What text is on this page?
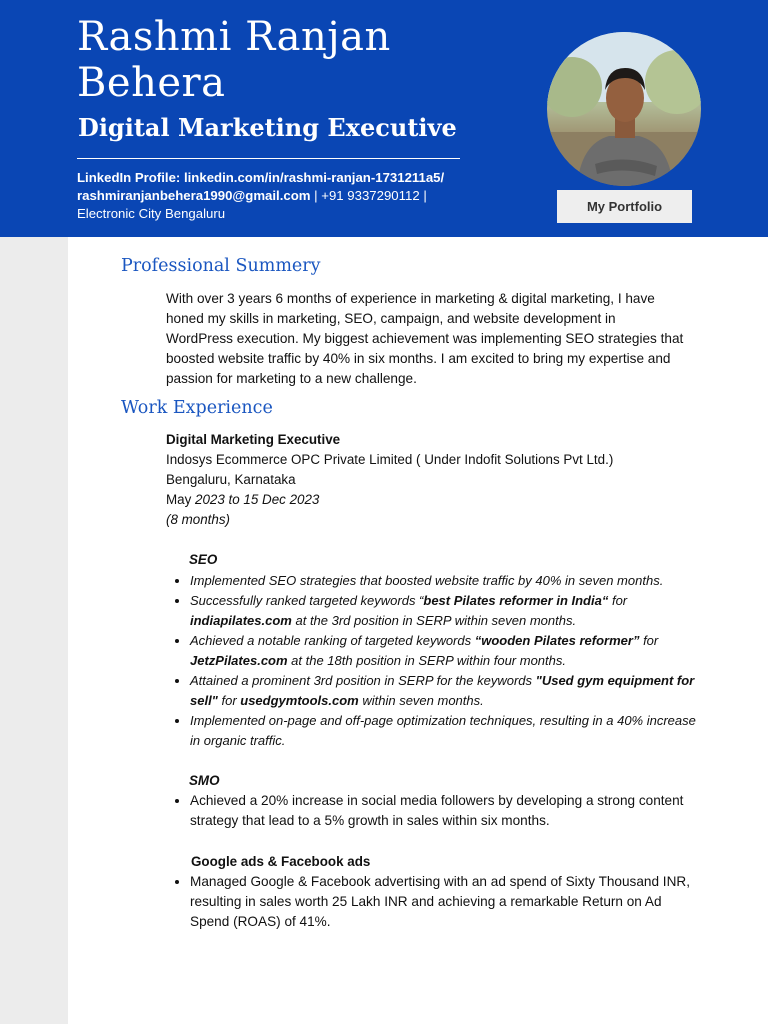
Rashmi Ranjan
Behera
Digital Marketing Executive
LinkedIn Profile: linkedin.com/in/rashmi-ranjan-1731211a5/
rashmiranjanbehera1990@gmail.com | +91 9337290112 |
Electronic City Bengaluru	My Portfolio
Professional Summery

With over 3 years 6 months of experience in marketing & digital marketing, I have honed my skills in marketing, SEO, campaign, and website development in WordPress execution. My biggest achievement was implementing SEO strategies that boosted website traffic by 40% in six months. I am excited to bring my expertise and passion for marketing to a new challenge.

Work Experience
Digital Marketing Executive
Indosys Ecommerce OPC Private Limited ( Under Indofit Solutions Pvt Ltd.)
Bengaluru, Karnataka
May 2023 to 15 Dec 2023
(8 months)
SEO
• Implemented SEO strategies that boosted website traffic by 40% in seven months.
• Successfully ranked targeted keywords “best Pilates reformer in India“ for indiapilates.com at the 3rd position in SERP within seven months.
• Achieved a notable ranking of targeted keywords “wooden Pilates reformer” for JetzPilates.com at the 18th position in SERP within four months.
• Attained a prominent 3rd position in SERP for the keywords "Used gym equipment for sell" for usedgymtools.com within seven months.
• Implemented on-page and off-page optimization techniques, resulting in a 40% increase in organic traffic.
SMO
• Achieved a 20% increase in social media followers by developing a strong content strategy that lead to a 5% growth in sales within six months.
Google ads & Facebook ads
• Managed Google & Facebook advertising with an ad spend of Sixty Thousand INR, resulting in sales worth 25 Lakh INR and achieving a remarkable Return on Ad Spend (ROAS) of 41%.
